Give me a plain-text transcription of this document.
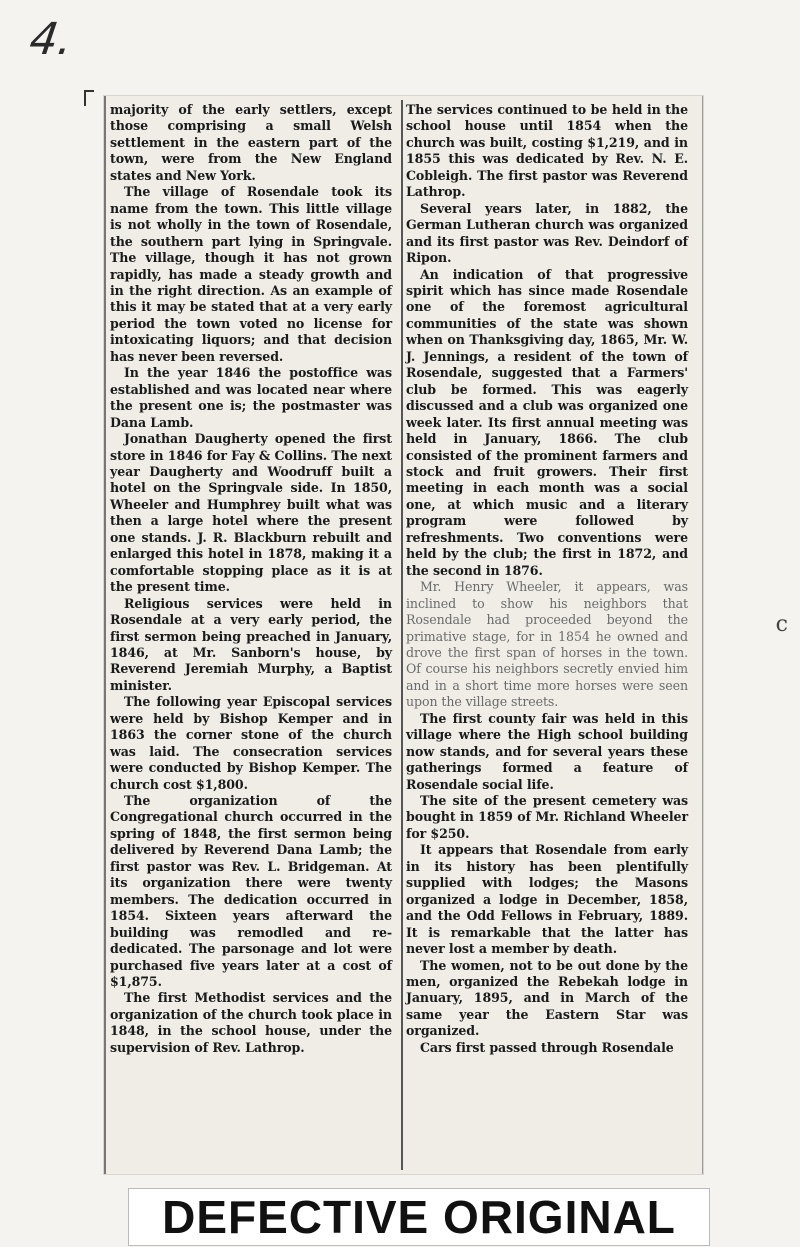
4.

majority of the early settlers, except those comprising a small Welsh settlement in the eastern part of the town, were from the New England states and New York.

The village of Rosendale took its name from the town. This little village is not wholly in the town of Rosendale, the southern part lying in Springvale. The village, though it has not grown rapidly, has made a steady growth and in the right direction. As an example of this it may be stated that at a very early period the town voted no license for intoxicating liquors; and that decision has never been reversed.

In the year 1846 the postoffice was established and was located near where the present one is; the postmaster was Dana Lamb.

Jonathan Daugherty opened the first store in 1846 for Fay & Collins. The next year Daugherty and Woodruff built a hotel on the Springvale side. In 1850, Wheeler and Humphrey built what was then a large hotel where the present one stands. J. R. Blackburn rebuilt and enlarged this hotel in 1878, making it a comfortable stopping place as it is at the present time.

Religious services were held in Rosendale at a very early period, the first sermon being preached in January, 1846, at Mr. Sanborn's house, by Reverend Jeremiah Murphy, a Baptist minister.

The following year Episcopal services were held by Bishop Kemper and in 1863 the corner stone of the church was laid. The consecration services were conducted by Bishop Kemper. The church cost $1,800.

The organization of the Congregational church occurred in the spring of 1848, the first sermon being delivered by Reverend Dana Lamb; the first pastor was Rev. L. Bridgeman. At its organization there were twenty members. The dedication occurred in 1854. Sixteen years afterward the building was remodled and re-dedicated. The parsonage and lot were purchased five years later at a cost of $1,875.

The first Methodist services and the organization of the church took place in 1848, in the school house, under the supervision of Rev. Lathrop.

The services continued to be held in the school house until 1854 when the church was built, costing $1,219, and in 1855 this was dedicated by Rev. N. E. Cobleigh. The first pastor was Reverend Lathrop.

Several years later, in 1882, the German Lutheran church was organized and its first pastor was Rev. Deindorf of Ripon.

An indication of that progressive spirit which has since made Rosendale one of the foremost agricultural communities of the state was shown when on Thanksgiving day, 1865, Mr. W. J. Jennings, a resident of the town of Rosendale, suggested that a Farmers' club be formed. This was eagerly discussed and a club was organized one week later. Its first annual meeting was held in January, 1866. The club consisted of the prominent farmers and stock and fruit growers. Their first meeting in each month was a social one, at which music and a literary program were followed by refreshments. Two conventions were held by the club; the first in 1872, and the second in 1876.

Mr. Henry Wheeler, it appears, was inclined to show his neighbors that Rosendale had proceeded beyond the primative stage, for in 1854 he owned and drove the first span of horses in the town. Of course his neighbors secretly envied him and in a short time more horses were seen upon the village streets.

The first county fair was held in this village where the High school building now stands, and for several years these gatherings formed a feature of Rosendale social life.

The site of the present cemetery was bought in 1859 of Mr. Richland Wheeler for $250.

It appears that Rosendale from early in its history has been plentifully supplied with lodges; the Masons organized a lodge in December, 1858, and the Odd Fellows in February, 1889. It is remarkable that the latter has never lost a member by death.

The women, not to be out done by the men, organized the Rebekah lodge in January, 1895, and in March of the same year the Eastern Star was organized.

Cars first passed through Rosendale

c
DEFECTIVE ORIGINAL
